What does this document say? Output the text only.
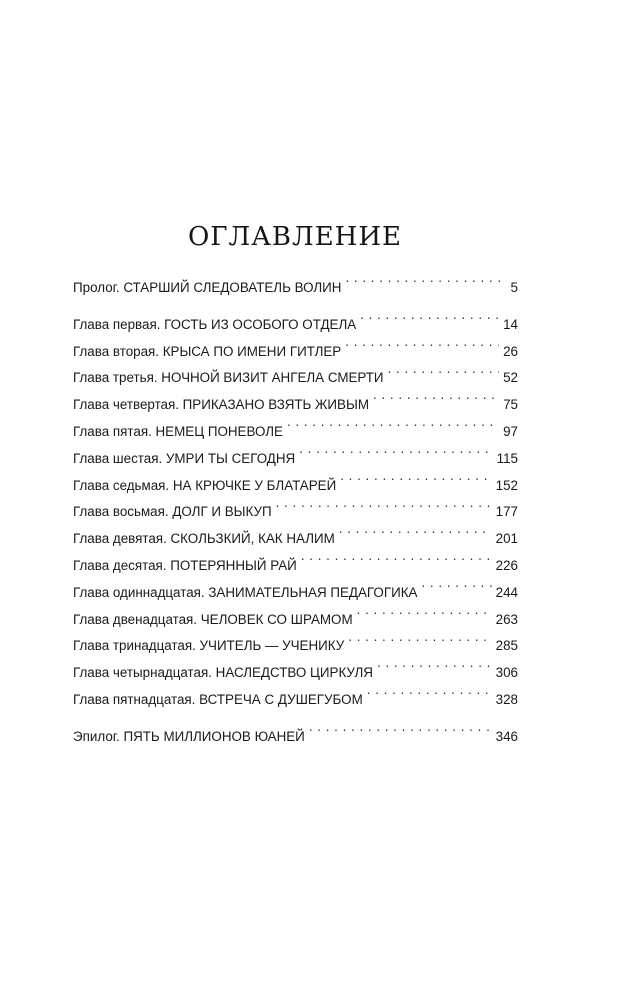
ОГЛАВЛЕНИЕ
Пролог. СТАРШИЙ СЛЕДОВАТЕЛЬ ВОЛИН . . .	5
Глава первая. ГОСТЬ ИЗ ОСОБОГО ОТДЕЛА . . .	14
Глава вторая. КРЫСА ПО ИМЕНИ ГИТЛЕР . . .	26
Глава третья. НОЧНОЙ ВИЗИТ АНГЕЛА СМЕРТИ . . .	52
Глава четвертая. ПРИКАЗАНО ВЗЯТЬ ЖИВЫМ . . .	75
Глава пятая. НЕМЕЦ ПОНЕВОЛЕ . . .	97
Глава шестая. УМРИ ТЫ СЕГОДНЯ . . .	115
Глава седьмая. НА КРЮЧКЕ У БЛАТАРЕЙ . . .	152
Глава восьмая. ДОЛГ И ВЫКУП . . .	177
Глава девятая. СКОЛЬЗКИЙ, КАК НАЛИМ . . .	201
Глава десятая. ПОТЕРЯННЫЙ РАЙ . . .	226
Глава одиннадцатая. ЗАНИМАТЕЛЬНАЯ ПЕДАГОГИКА . . .	244
Глава двенадцатая. ЧЕЛОВЕК СО ШРАМОМ . . .	263
Глава тринадцатая. УЧИТЕЛЬ — УЧЕНИКУ . . .	285
Глава четырнадцатая. НАСЛЕДСТВО ЦИРКУЛЯ . . .	306
Глава пятнадцатая. ВСТРЕЧА С ДУШЕГУБОМ . . .	328
Эпилог. ПЯТЬ МИЛЛИОНОВ ЮАНЕЙ . . .	346
